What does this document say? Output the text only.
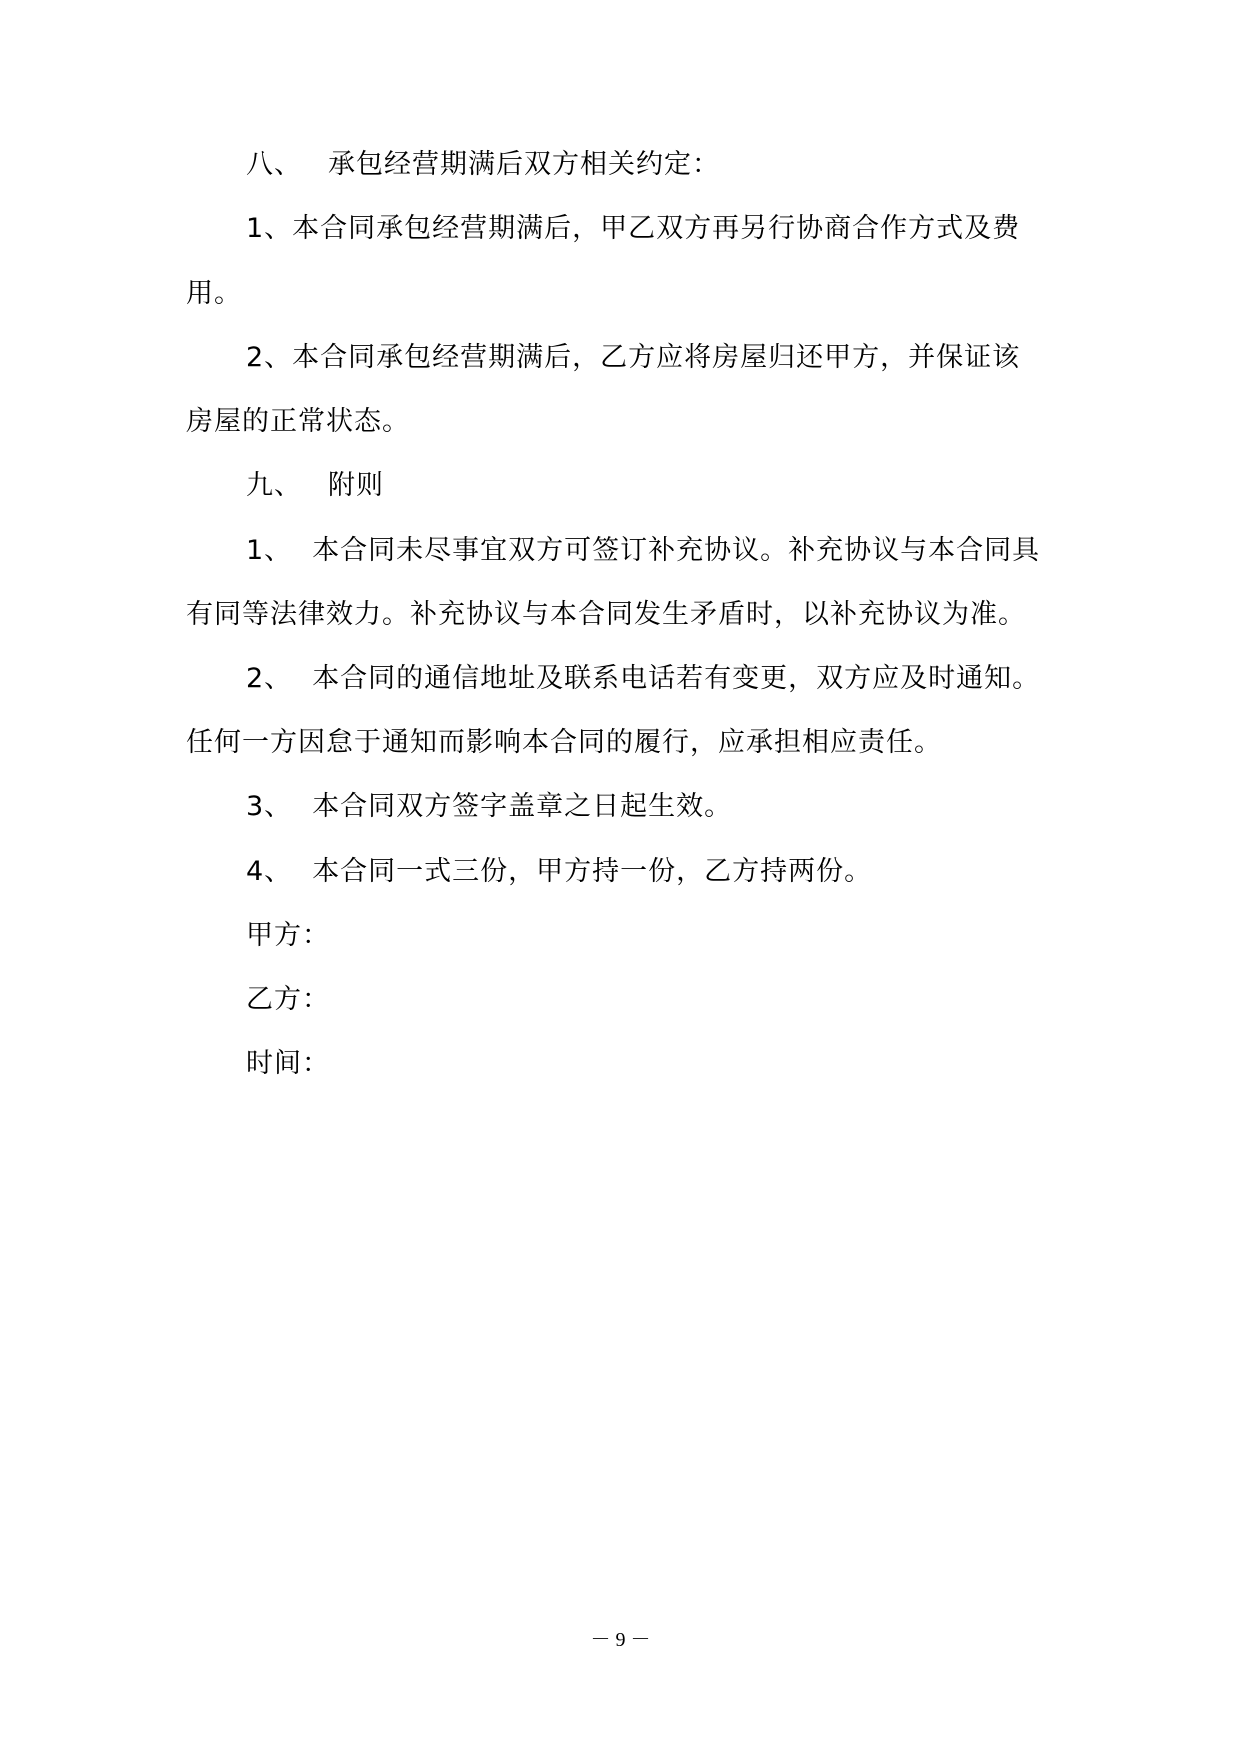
八、 承包经营期满后双方相关约定：
1、本合同承包经营期满后，甲乙双方再另行协商合作方式及费
用。
2、本合同承包经营期满后，乙方应将房屋归还甲方，并保证该
房屋的正常状态。
九、 附则
1、 本合同未尽事宜双方可签订补充协议。补充协议与本合同具
有同等法律效力。补充协议与本合同发生矛盾时，以补充协议为准。
2、 本合同的通信地址及联系电话若有变更，双方应及时通知。
任何一方因怠于通知而影响本合同的履行，应承担相应责任。
3、 本合同双方签字盖章之日起生效。
4、 本合同一式三份，甲方持一份，乙方持两份。
甲方：
乙方：
时间：
－ 9 －
